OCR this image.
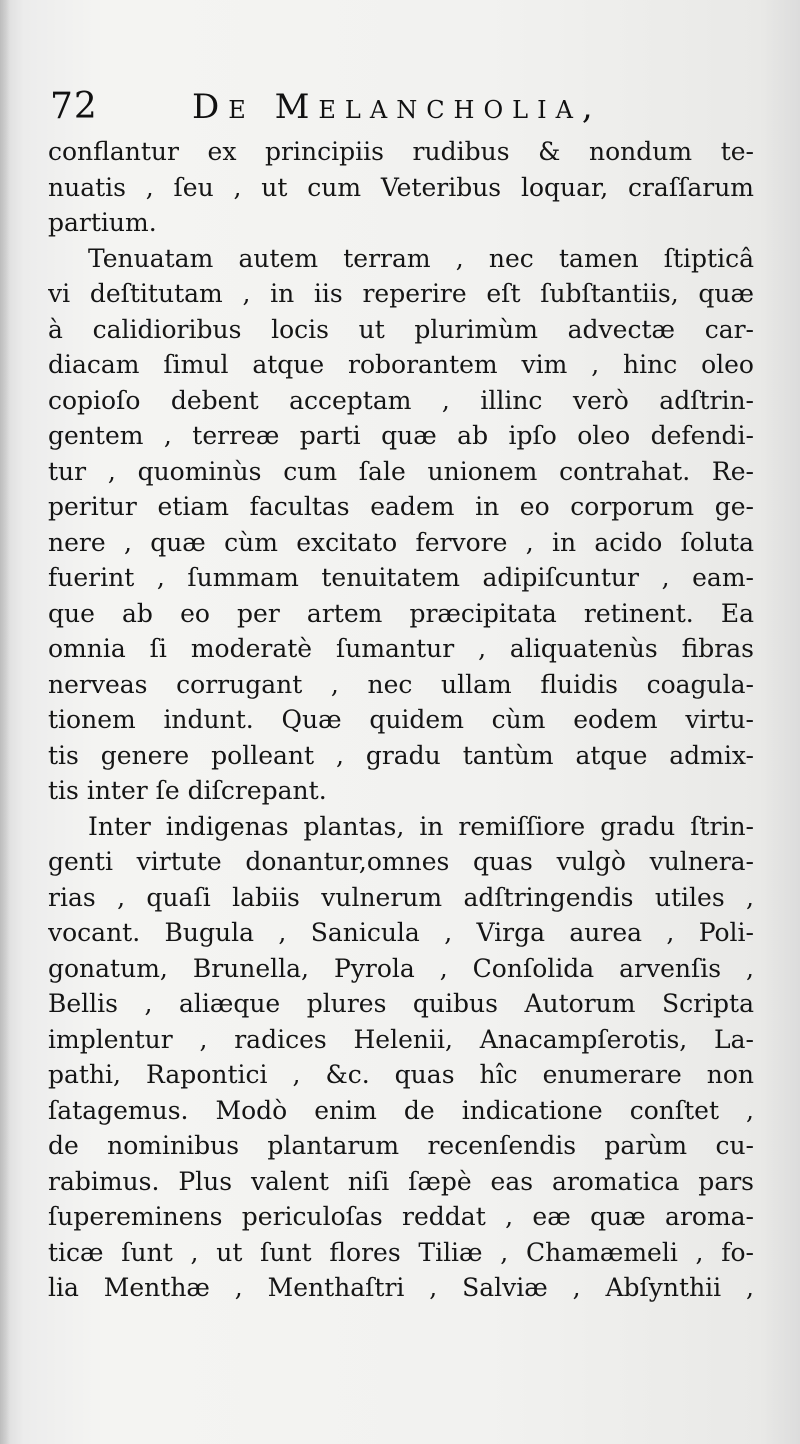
72	De Melancholia,
conflantur ex principiis rudibus & nondum te-
nuatis , ſeu , ut cum Veteribus loquar, craſſarum
partium.
Tenuatam autem terram , nec tamen ſtipticâ
vi deſtitutam , in iis reperire eſt ſubſtantiis, quæ
à calidioribus locis ut plurimùm advectæ car-
diacam ſimul atque roborantem vim , hinc oleo
copioſo debent acceptam , illinc verò adſtrin-
gentem , terreæ parti quæ ab ipſo oleo defendi-
tur , quominùs cum ſale unionem contrahat. Re-
peritur etiam facultas eadem in eo corporum ge-
nere , quæ cùm excitato fervore , in acido ſoluta
fuerint , ſummam tenuitatem adipiſcuntur , eam-
que ab eo per artem præcipitata retinent. Ea
omnia ſi moderatè ſumantur , aliquatenùs fibras
nerveas corrugant , nec ullam fluidis coagula-
tionem indunt. Quæ quidem cùm eodem virtu-
tis genere polleant , gradu tantùm atque admix-
tis inter ſe diſcrepant.
Inter indigenas plantas, in remiſſiore gradu ſtrin-
genti virtute donantur,omnes quas vulgò vulnera-
rias , quaſi labiis vulnerum adſtringendis utiles ,
vocant. Bugula , Sanicula , Virga aurea , Poli-
gonatum, Brunella, Pyrola , Conſolida arvenſis ,
Bellis , aliæque plures quibus Autorum Scripta
implentur , radices Helenii, Anacampſerotis, La-
pathi, Rapontici , &c. quas hîc enumerare non
ſatagemus. Modò enim de indicatione conſtet ,
de nominibus plantarum recenſendis parùm cu-
rabimus. Plus valent niſi ſæpè eas aromatica pars
ſupereminens periculoſas reddat , eæ quæ aroma-
ticæ ſunt , ut ſunt flores Tiliæ , Chamæmeli , fo-
lia Menthæ , Menthaſtri , Salviæ , Abſynthii ,
